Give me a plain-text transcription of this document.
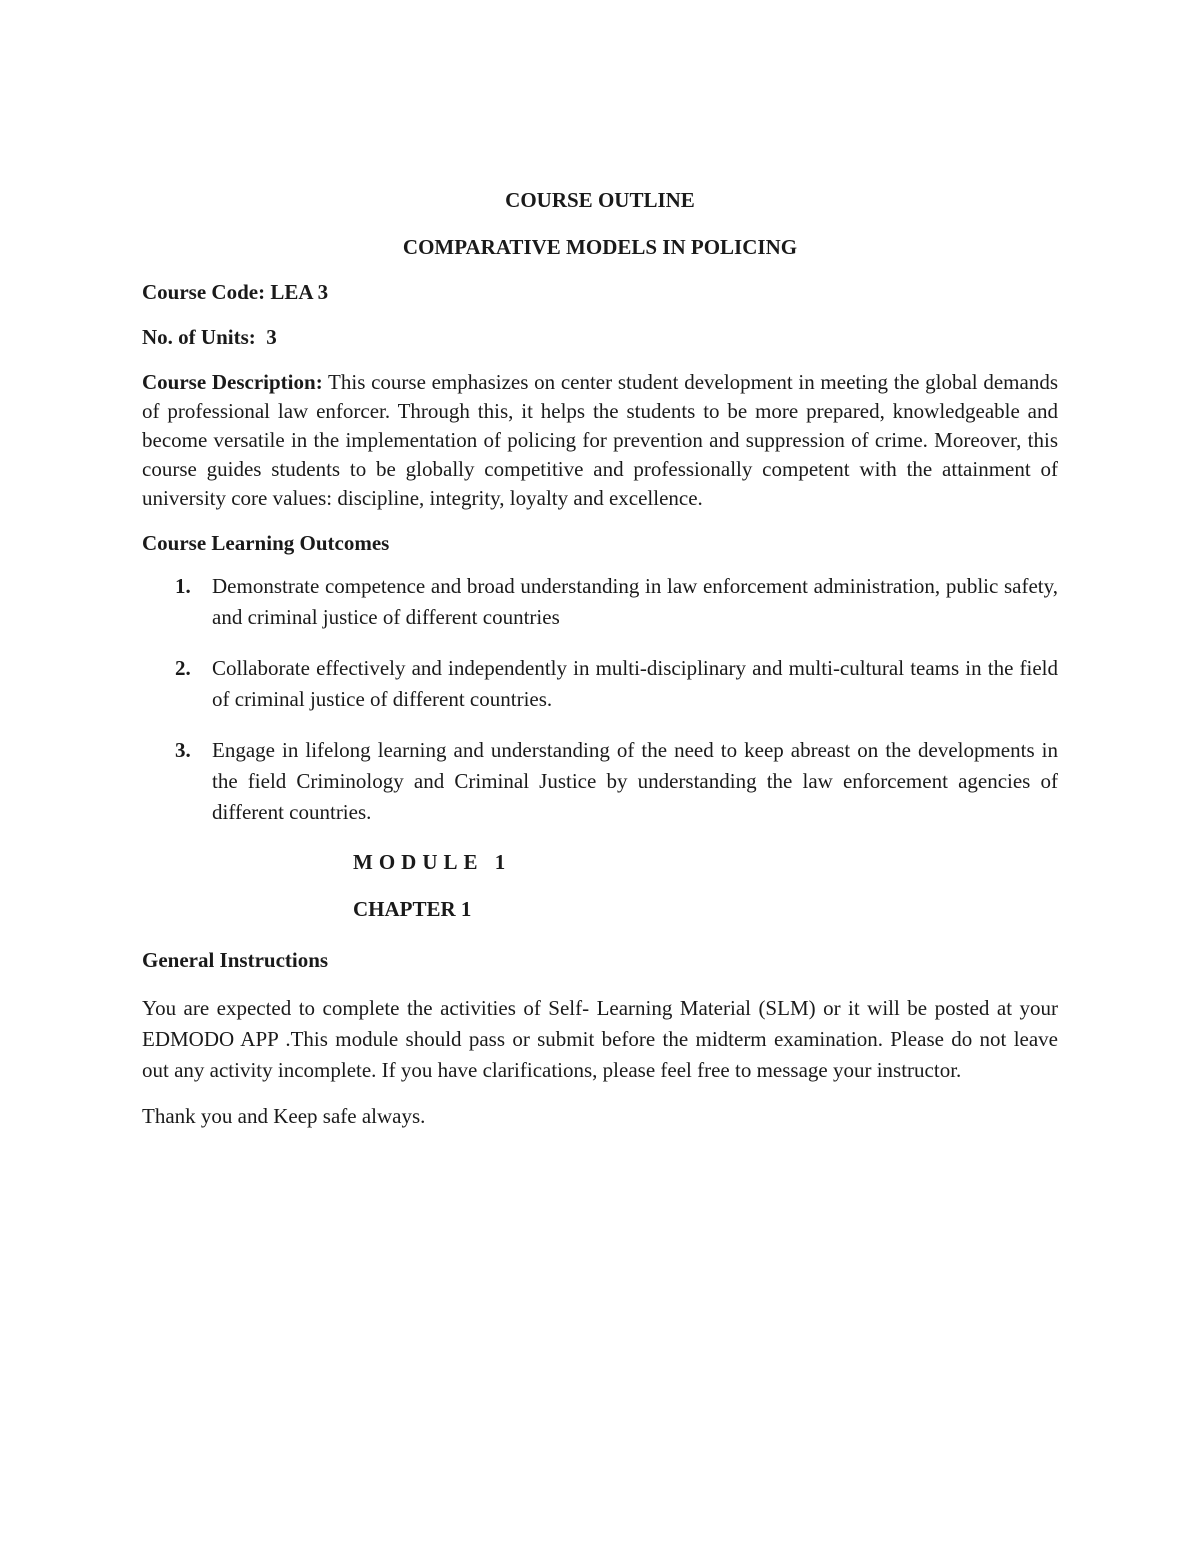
COURSE OUTLINE
COMPARATIVE MODELS IN POLICING
Course Code: LEA 3
No. of Units: 3
Course Description: This course emphasizes on center student development in meeting the global demands of professional law enforcer. Through this, it helps the students to be more prepared, knowledgeable and become versatile in the implementation of policing for prevention and suppression of crime. Moreover, this course guides students to be globally competitive and professionally competent with the attainment of university core values: discipline, integrity, loyalty and excellence.
Course Learning Outcomes
1. Demonstrate competence and broad understanding in law enforcement administration, public safety, and criminal justice of different countries
2. Collaborate effectively and independently in multi-disciplinary and multi-cultural teams in the field of criminal justice of different countries.
3. Engage in lifelong learning and understanding of the need to keep abreast on the developments in the field Criminology and Criminal Justice by understanding the law enforcement agencies of different countries.
MODULE 1
CHAPTER 1
General Instructions
You are expected to complete the activities of Self- Learning Material (SLM) or it will be posted at your EDMODO APP .This module should pass or submit before the midterm examination. Please do not leave out any activity incomplete. If you have clarifications, please feel free to message your instructor.
Thank you and Keep safe always.
